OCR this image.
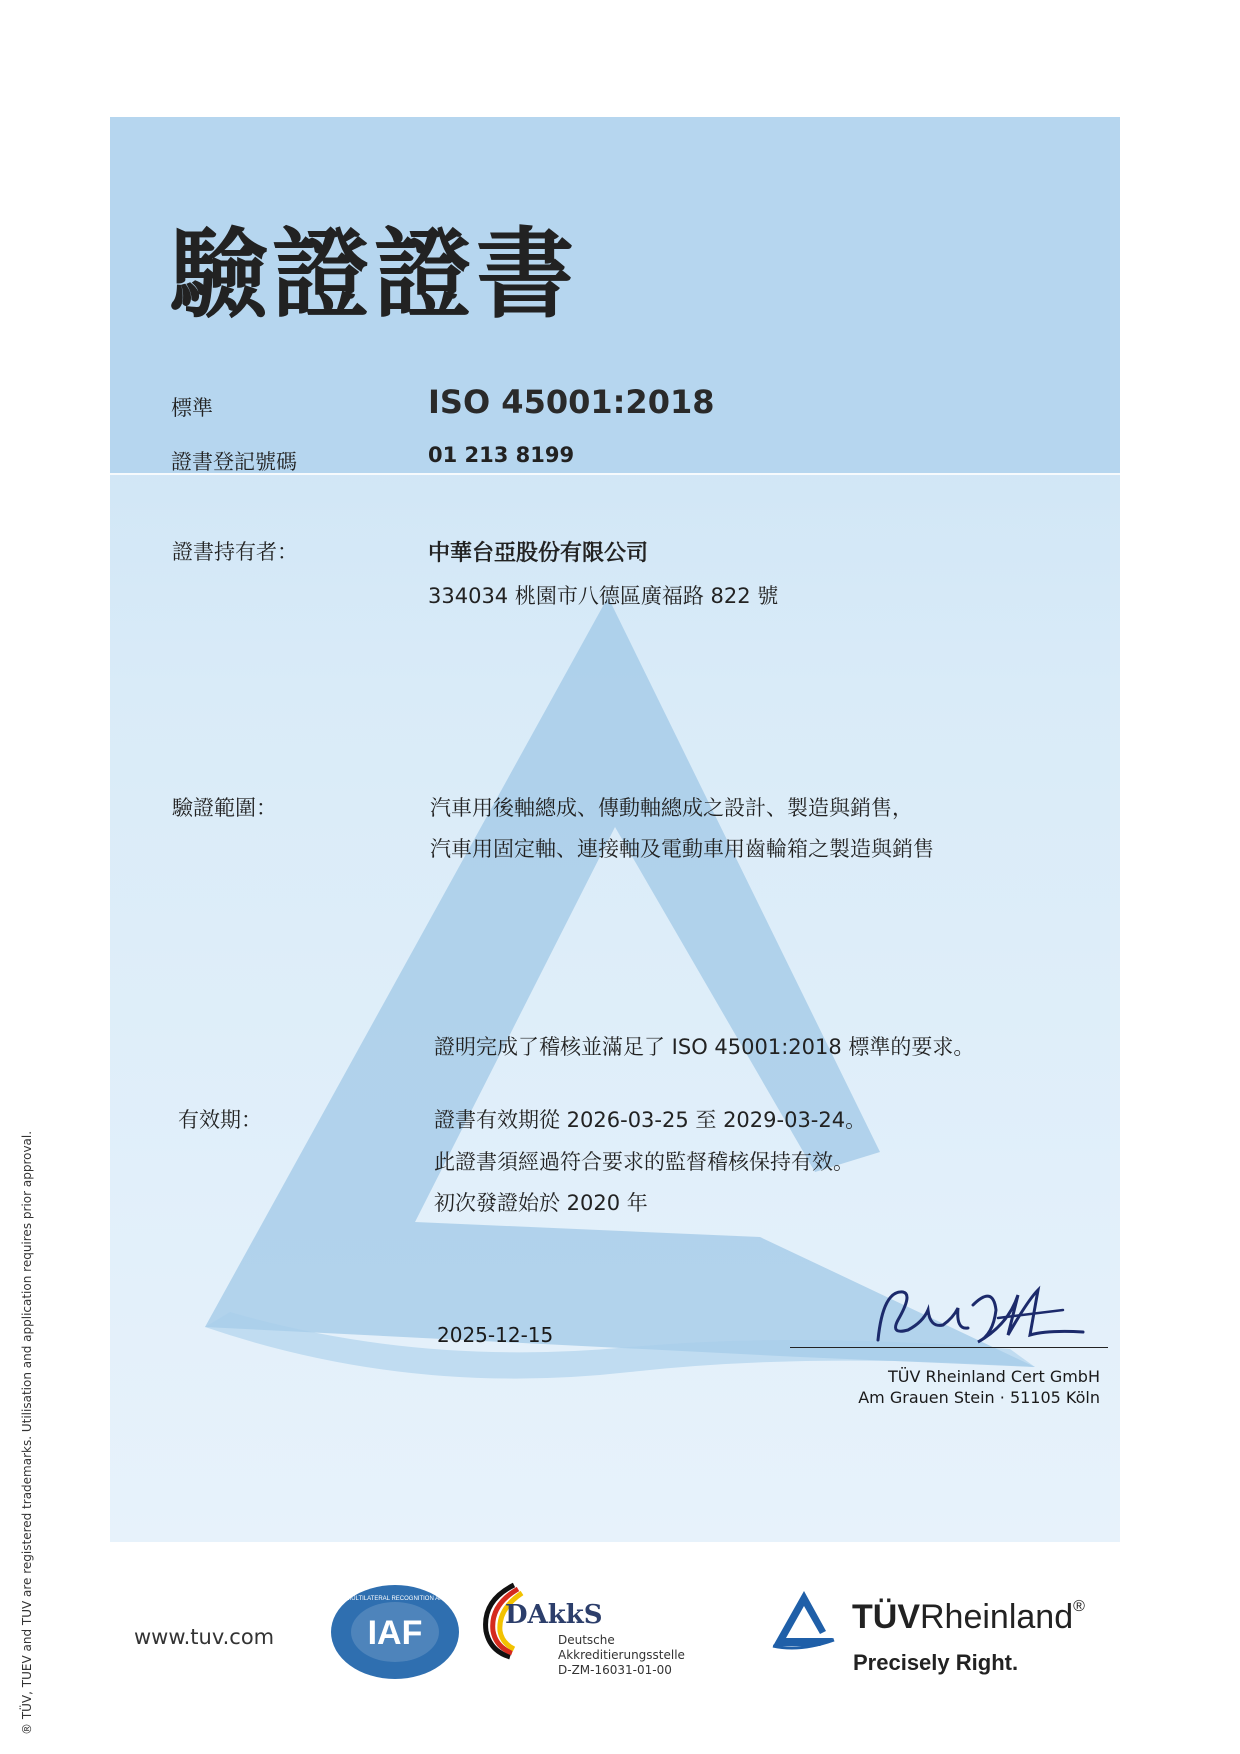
驗證證書
標準	ISO 45001:2018
證書登記號碼	01 213 8199
證書持有者：	中華台亞股份有限公司
334034 桃園市八德區廣福路 822 號
驗證範圍：	汽車用後軸總成、傳動軸總成之設計、製造與銷售，
汽車用固定軸、連接軸及電動車用齒輪箱之製造與銷售
證明完成了稽核並滿足了 ISO 45001:2018 標準的要求。
有效期：	證書有效期從 2026-03-25 至 2029-03-24。
此證書須經過符合要求的監督稽核保持有效。
初次發證始於 2020 年
2025-12-15
TÜV Rheinland Cert GmbH
Am Grauen Stein · 51105 Köln
® TÜV, TUEV and TUV are registered trademarks. Utilisation and application requires prior approval.	www.tuv.com	IAF
MEMBER OF MULTILATERAL RECOGNITION ARRANGEMENT
DAkkS
Deutsche
Akkreditierungsstelle
D-ZM-16031-01-00
TÜVRheinland®
Precisely Right.
